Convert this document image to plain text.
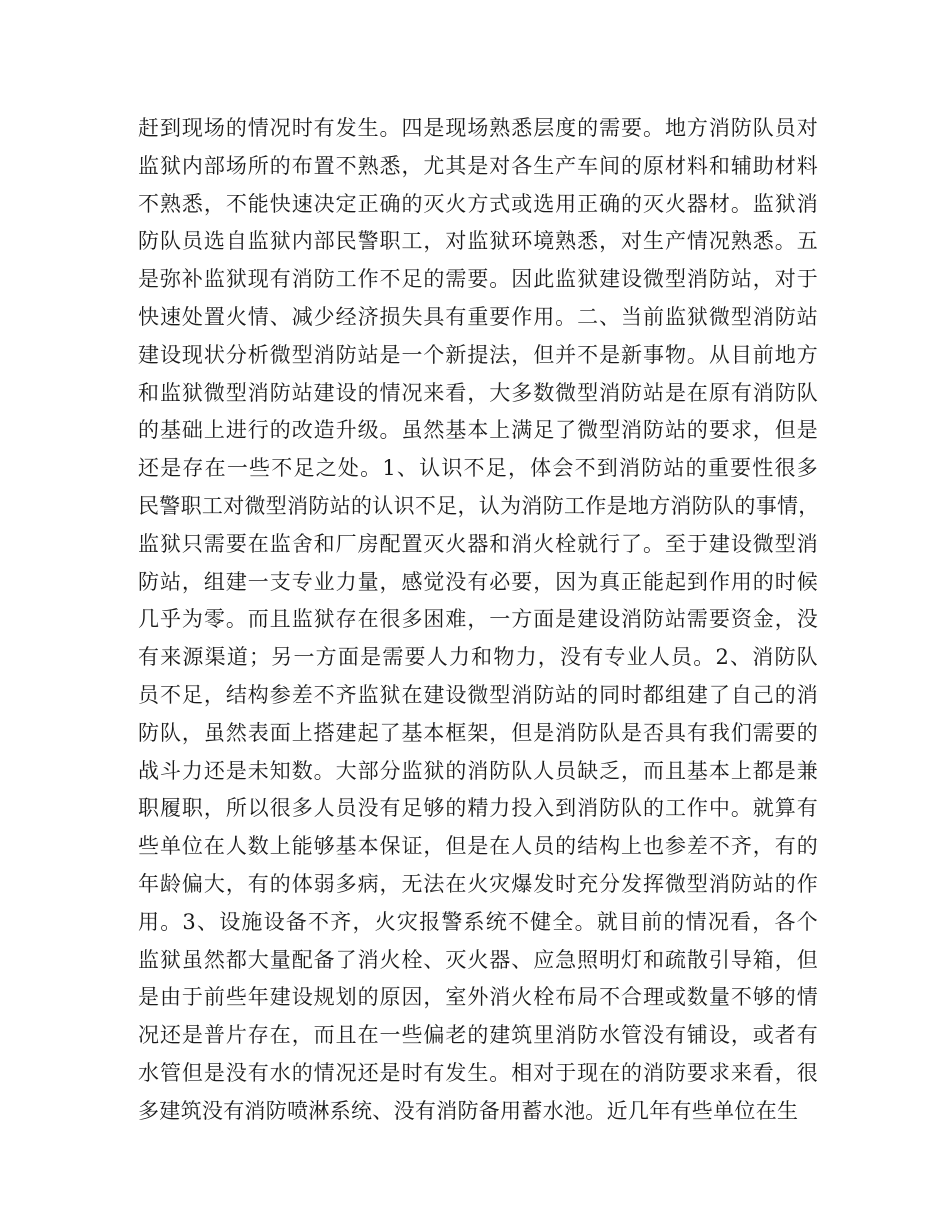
赶到现场的情况时有发生。四是现场熟悉层度的需要。地方消防队员对
监狱内部场所的布置不熟悉，尤其是对各生产车间的原材料和辅助材料
不熟悉，不能快速决定正确的灭火方式或选用正确的灭火器材。监狱消
防队员选自监狱内部民警职工，对监狱环境熟悉，对生产情况熟悉。五
是弥补监狱现有消防工作不足的需要。因此监狱建设微型消防站，对于
快速处置火情、减少经济损失具有重要作用。二、当前监狱微型消防站
建设现状分析微型消防站是一个新提法，但并不是新事物。从目前地方
和监狱微型消防站建设的情况来看，大多数微型消防站是在原有消防队
的基础上进行的改造升级。虽然基本上满足了微型消防站的要求，但是
还是存在一些不足之处。1、认识不足，体会不到消防站的重要性很多
民警职工对微型消防站的认识不足，认为消防工作是地方消防队的事情，
监狱只需要在监舍和厂房配置灭火器和消火栓就行了。至于建设微型消
防站，组建一支专业力量，感觉没有必要，因为真正能起到作用的时候
几乎为零。而且监狱存在很多困难，一方面是建设消防站需要资金，没
有来源渠道；另一方面是需要人力和物力，没有专业人员。2、消防队
员不足，结构参差不齐监狱在建设微型消防站的同时都组建了自己的消
防队，虽然表面上搭建起了基本框架，但是消防队是否具有我们需要的
战斗力还是未知数。大部分监狱的消防队人员缺乏，而且基本上都是兼
职履职，所以很多人员没有足够的精力投入到消防队的工作中。就算有
些单位在人数上能够基本保证，但是在人员的结构上也参差不齐，有的
年龄偏大，有的体弱多病，无法在火灾爆发时充分发挥微型消防站的作
用。3、设施设备不齐，火灾报警系统不健全。就目前的情况看，各个
监狱虽然都大量配备了消火栓、灭火器、应急照明灯和疏散引导箱，但
是由于前些年建设规划的原因，室外消火栓布局不合理或数量不够的情
况还是普片存在，而且在一些偏老的建筑里消防水管没有铺设，或者有
水管但是没有水的情况还是时有发生。相对于现在的消防要求来看，很
多建筑没有消防喷淋系统、没有消防备用蓄水池。近几年有些单位在生
